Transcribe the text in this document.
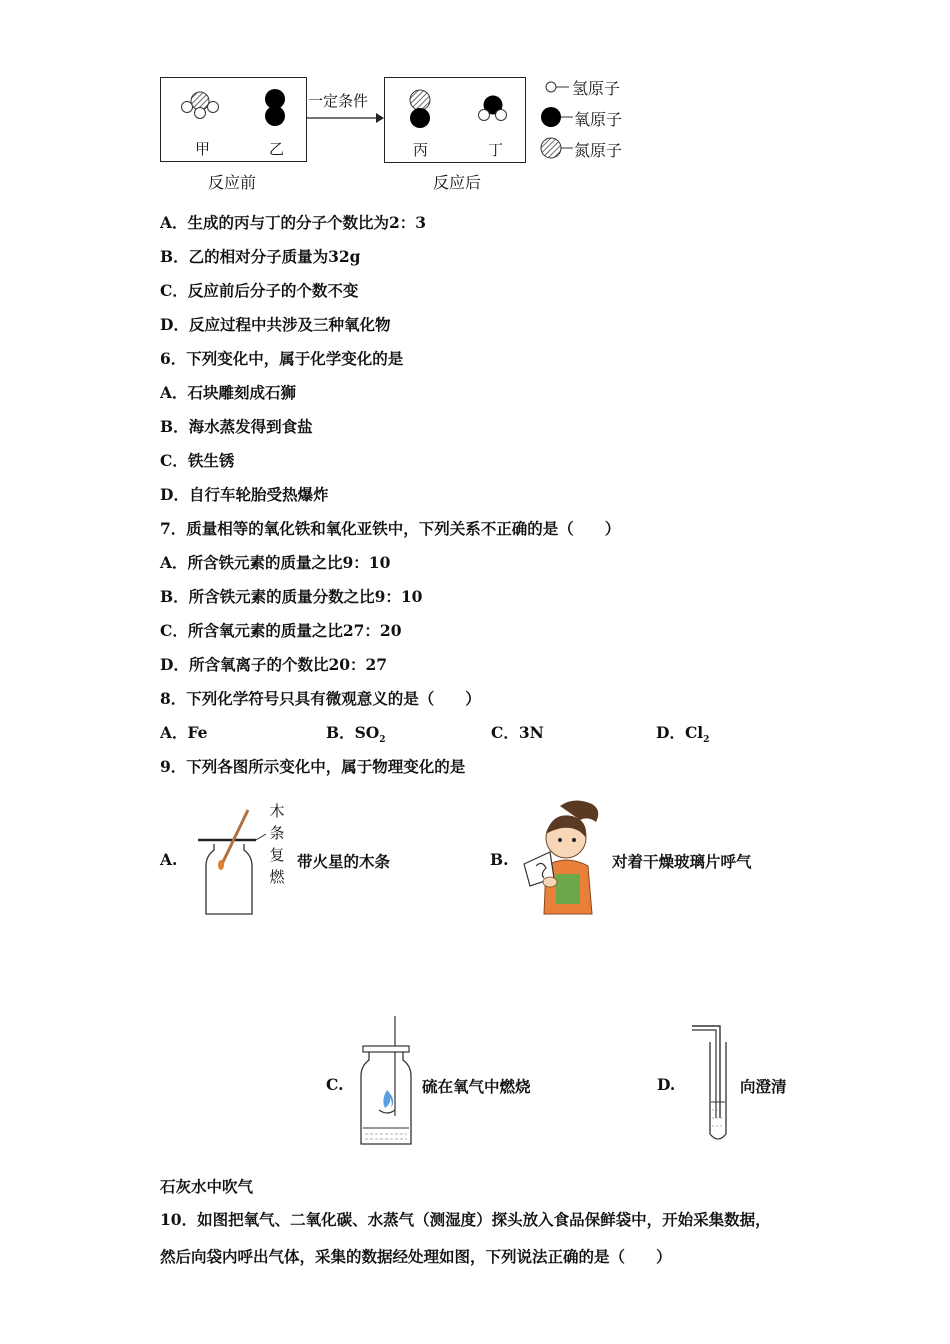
甲	乙
一定条件
丙	丁
反应前	反应后
氢原子
氧原子
氮原子
A．生成的丙与丁的分子个数比为2：3
B．乙的相对分子质量为32g
C．反应前后分子的个数不变
D．反应过程中共涉及三种氧化物
6．下列变化中，属于化学变化的是
A．石块雕刻成石狮
B．海水蒸发得到食盐
C．铁生锈
D．自行车轮胎受热爆炸
7．质量相等的氧化铁和氧化亚铁中，下列关系不正确的是（　　）
A．所含铁元素的质量之比9：10
B．所含铁元素的质量分数之比9：10
C．所含氧元素的质量之比27：20
D．所含氧离子的个数比20：27
8．下列化学符号只具有微观意义的是（　　）
A．Fe	B．$SO_2$	C．3N	D．$Cl_2$
9．下列各图所示变化中，属于物理变化的是
A.
木
条
复
燃
带火星的木条	B.	对着干燥玻璃片呼气
C.	硫在氧气中燃烧	D.	向澄清
石灰水中吹气
10．如图把氧气、二氧化碳、水蒸气（测湿度）探头放入食品保鲜袋中，开始采集数据，
然后向袋内呼出气体，采集的数据经处理如图，下列说法正确的是（　　）
